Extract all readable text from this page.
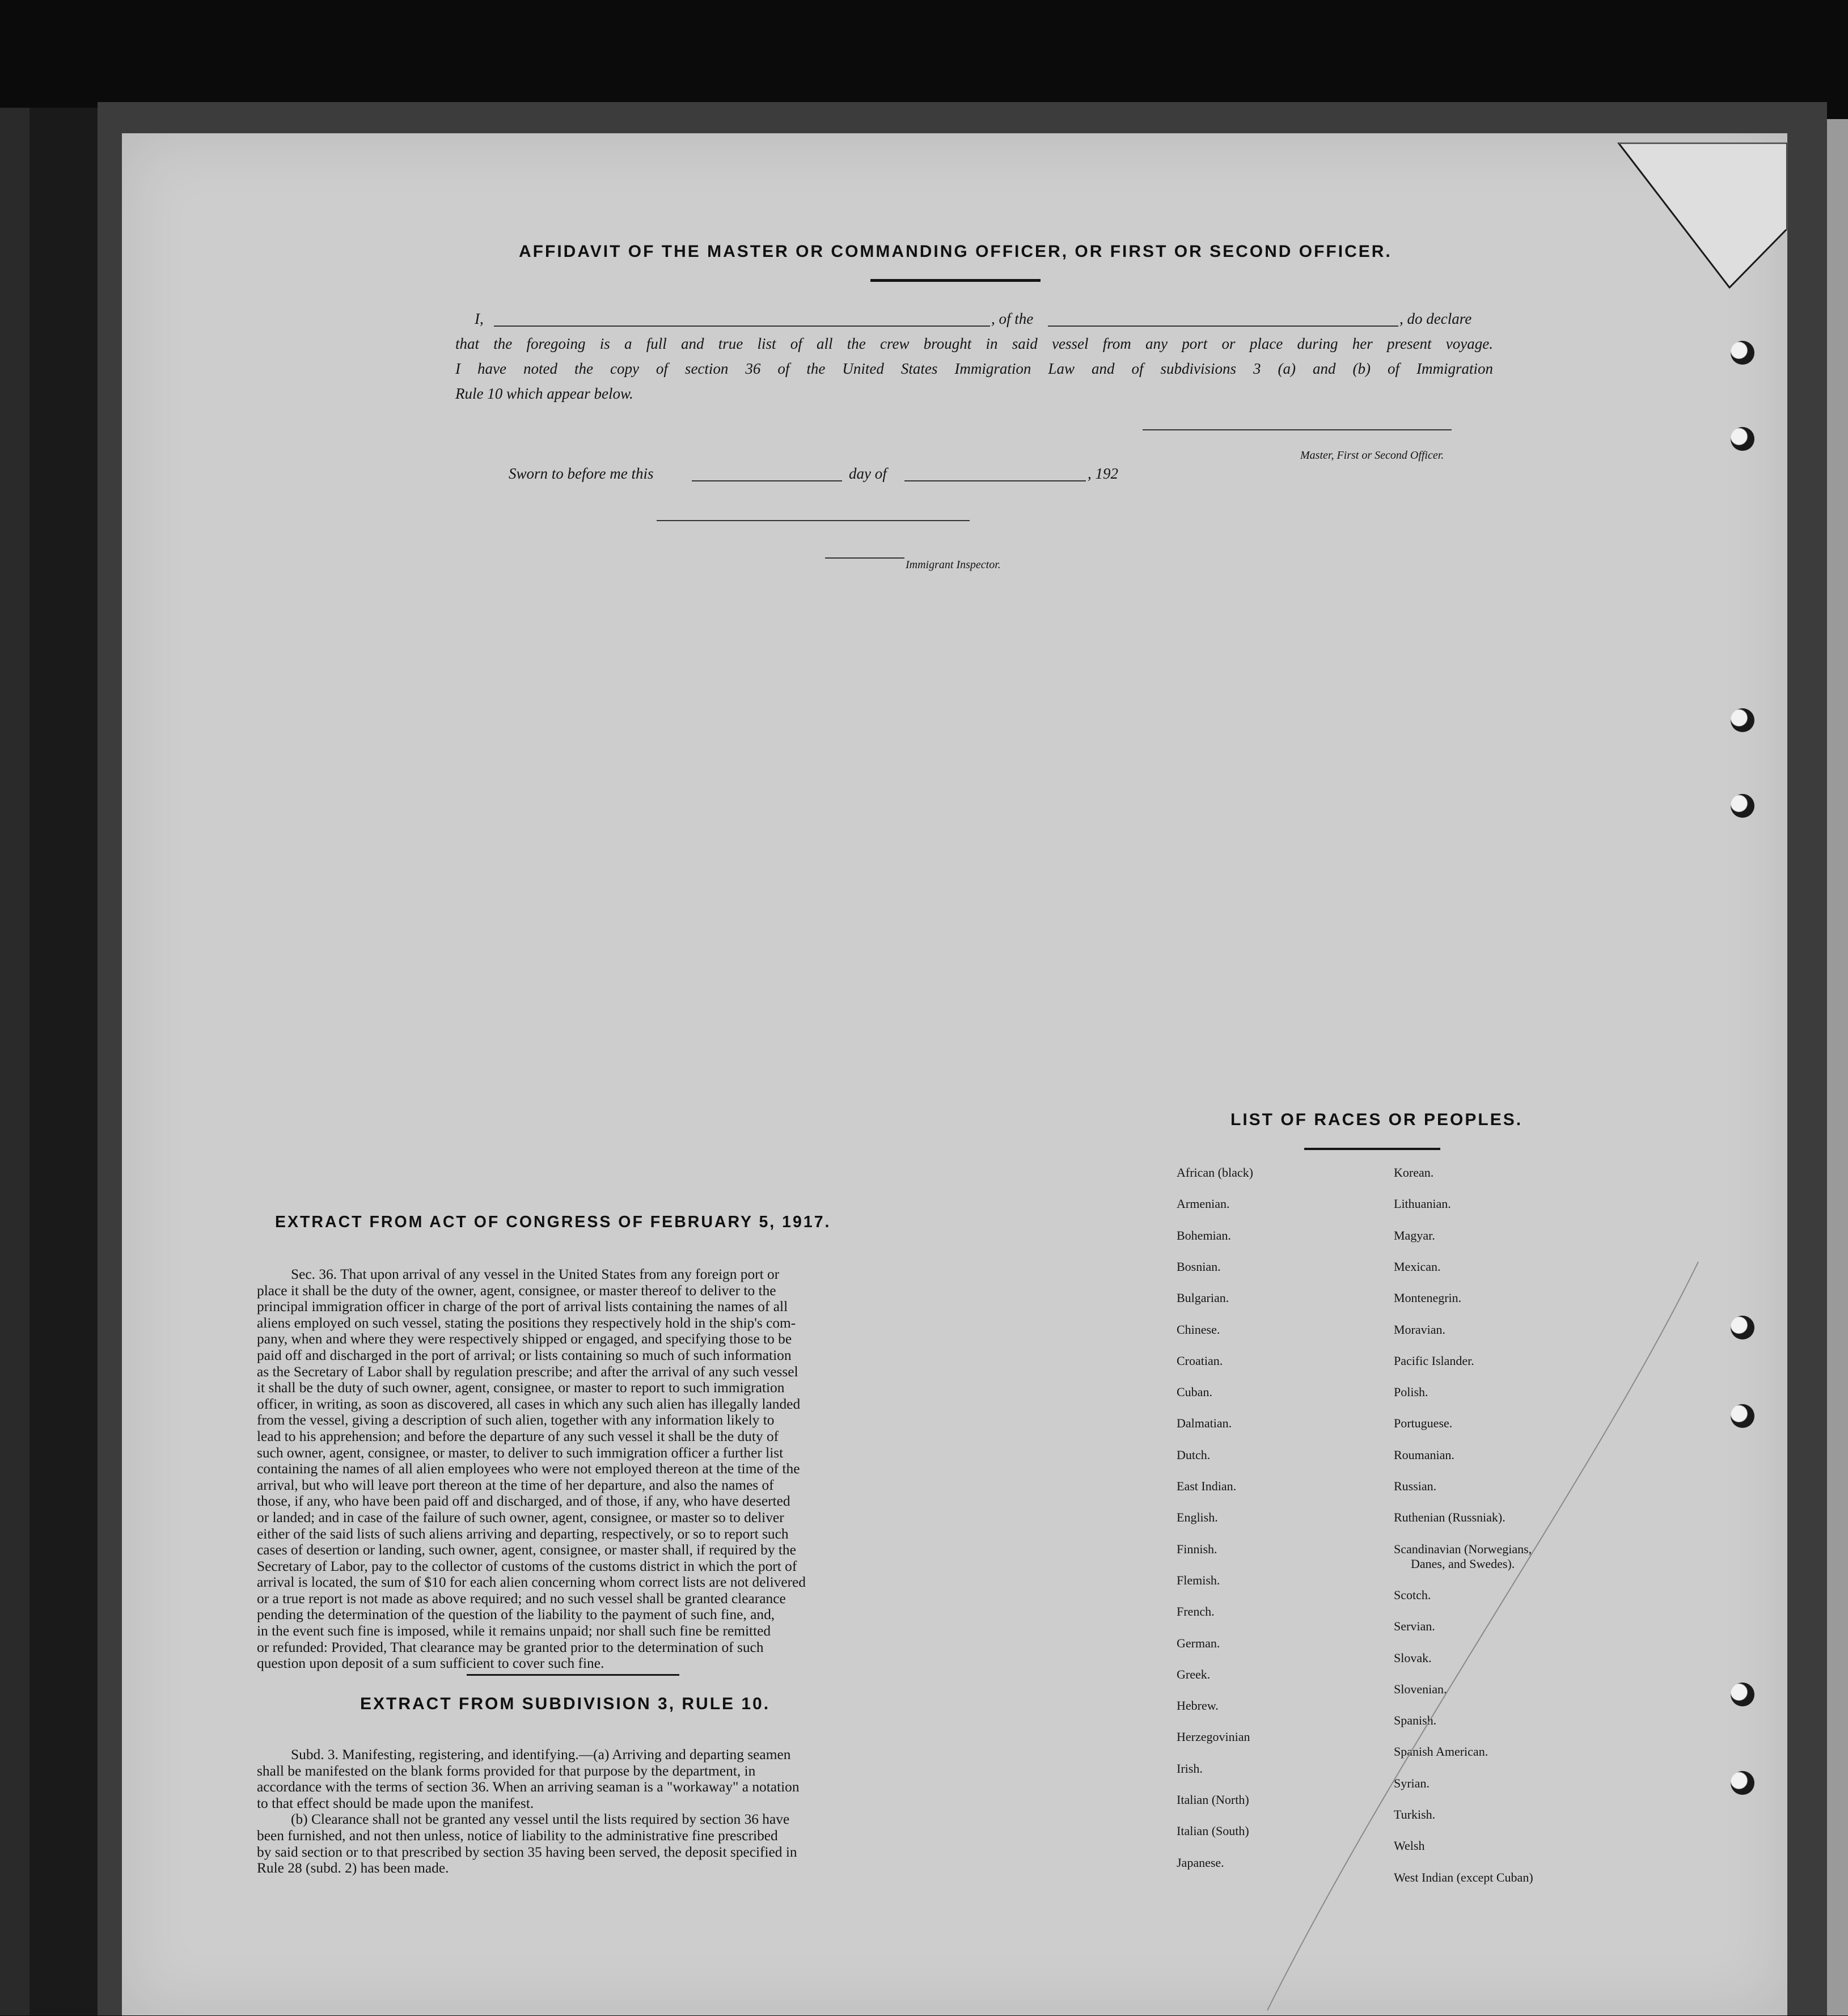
AFFIDAVIT OF THE MASTER OR COMMANDING OFFICER, OR FIRST OR SECOND OFFICER.
I,	, of the	, do declare
that the foregoing is a full and true list of all the crew brought in said vessel from any port or place during her present voyage.
I have noted the copy of section 36 of the United States Immigration Law and of subdivisions 3 (a) and (b) of Immigration
Rule 10 which appear below.
Master, First or Second Officer.
Sworn to before me this	day of	, 192
Immigrant Inspector.
EXTRACT FROM ACT OF CONGRESS OF FEBRUARY 5, 1917.
Sec. 36. That upon arrival of any vessel in the United States from any foreign port or
place it shall be the duty of the owner, agent, consignee, or master thereof to deliver to the
principal immigration officer in charge of the port of arrival lists containing the names of all
aliens employed on such vessel, stating the positions they respectively hold in the ship's com-
pany, when and where they were respectively shipped or engaged, and specifying those to be
paid off and discharged in the port of arrival; or lists containing so much of such information
as the Secretary of Labor shall by regulation prescribe; and after the arrival of any such vessel
it shall be the duty of such owner, agent, consignee, or master to report to such immigration
officer, in writing, as soon as discovered, all cases in which any such alien has illegally landed
from the vessel, giving a description of such alien, together with any information likely to
lead to his apprehension; and before the departure of any such vessel it shall be the duty of
such owner, agent, consignee, or master, to deliver to such immigration officer a further list
containing the names of all alien employees who were not employed thereon at the time of the
arrival, but who will leave port thereon at the time of her departure, and also the names of
those, if any, who have been paid off and discharged, and of those, if any, who have deserted
or landed; and in case of the failure of such owner, agent, consignee, or master so to deliver
either of the said lists of such aliens arriving and departing, respectively, or so to report such
cases of desertion or landing, such owner, agent, consignee, or master shall, if required by the
Secretary of Labor, pay to the collector of customs of the customs district in which the port of
arrival is located, the sum of $10 for each alien concerning whom correct lists are not delivered
or a true report is not made as above required; and no such vessel shall be granted clearance
pending the determination of the question of the liability to the payment of such fine, and,
in the event such fine is imposed, while it remains unpaid; nor shall such fine be remitted
or refunded: Provided, That clearance may be granted prior to the determination of such
question upon deposit of a sum sufficient to cover such fine.
EXTRACT FROM SUBDIVISION 3, RULE 10.
Subd. 3. Manifesting, registering, and identifying.—(a) Arriving and departing seamen
shall be manifested on the blank forms provided for that purpose by the department, in
accordance with the terms of section 36. When an arriving seaman is a "workaway" a notation
to that effect should be made upon the manifest.
(b) Clearance shall not be granted any vessel until the lists required by section 36 have
been furnished, and not then unless, notice of liability to the administrative fine prescribed
by said section or to that prescribed by section 35 having been served, the deposit specified in
Rule 28 (subd. 2) has been made.
LIST OF RACES OR PEOPLES.
African (black)
Armenian.
Bohemian.
Bosnian.
Bulgarian.
Chinese.
Croatian.
Cuban.
Dalmatian.
Dutch.
East Indian.
English.
Finnish.
Flemish.
French.
German.
Greek.
Hebrew.
Herzegovinian
Irish.
Italian (North)
Italian (South)
Japanese.
Korean.
Lithuanian.
Magyar.
Mexican.
Montenegrin.
Moravian.
Pacific Islander.
Polish.
Portuguese.
Roumanian.
Russian.
Ruthenian (Russniak).
Scandinavian (Norwegians,
Danes, and Swedes).
Scotch.
Servian.
Slovak.
Slovenian.
Spanish.
Spanish American.
Syrian.
Turkish.
Welsh
West Indian (except Cuban)
